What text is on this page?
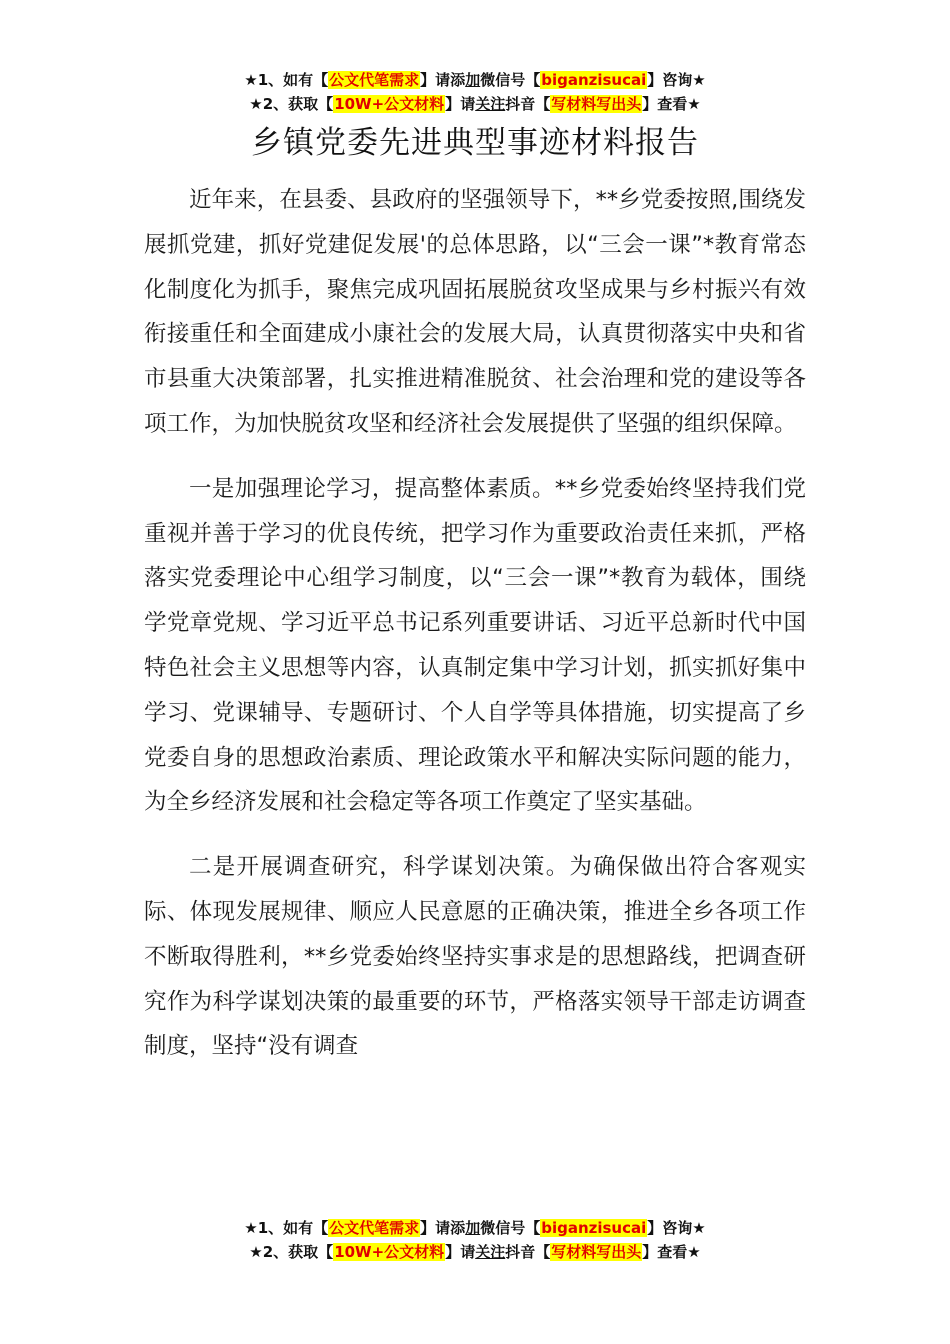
★1、如有【公文代笔需求】请添加微信号【biganzisucai】咨询★
★2、获取【10W+公文材料】请关注抖音【写材料写出头】查看★
乡镇党委先进典型事迹材料报告

近年来，在县委、县政府的坚强领导下，**乡党委按照,围绕发展抓党建，抓好党建促发展'的总体思路，以“三会一课”*教育常态化制度化为抓手，聚焦完成巩固拓展脱贫攻坚成果与乡村振兴有效衔接重任和全面建成小康社会的发展大局，认真贯彻落实中央和省市县重大决策部署，扎实推进精准脱贫、社会治理和党的建设等各项工作，为加快脱贫攻坚和经济社会发展提供了坚强的组织保障。

一是加强理论学习，提高整体素质。**乡党委始终坚持我们党重视并善于学习的优良传统，把学习作为重要政治责任来抓，严格落实党委理论中心组学习制度，以“三会一课”*教育为载体，围绕学党章党规、学习近平总书记系列重要讲话、习近平总新时代中国特色社会主义思想等内容，认真制定集中学习计划，抓实抓好集中学习、党课辅导、专题研讨、个人自学等具体措施，切实提高了乡党委自身的思想政治素质、理论政策水平和解决实际问题的能力，为全乡经济发展和社会稳定等各项工作奠定了坚实基础。

二是开展调查研究，科学谋划决策。为确保做出符合客观实际、体现发展规律、顺应人民意愿的正确决策，推进全乡各项工作不断取得胜利，**乡党委始终坚持实事求是的思想路线，把调查研究作为科学谋划决策的最重要的环节，严格落实领导干部走访调查制度，坚持“没有调查

★1、如有【公文代笔需求】请添加微信号【biganzisucai】咨询★
★2、获取【10W+公文材料】请关注抖音【写材料写出头】查看★
